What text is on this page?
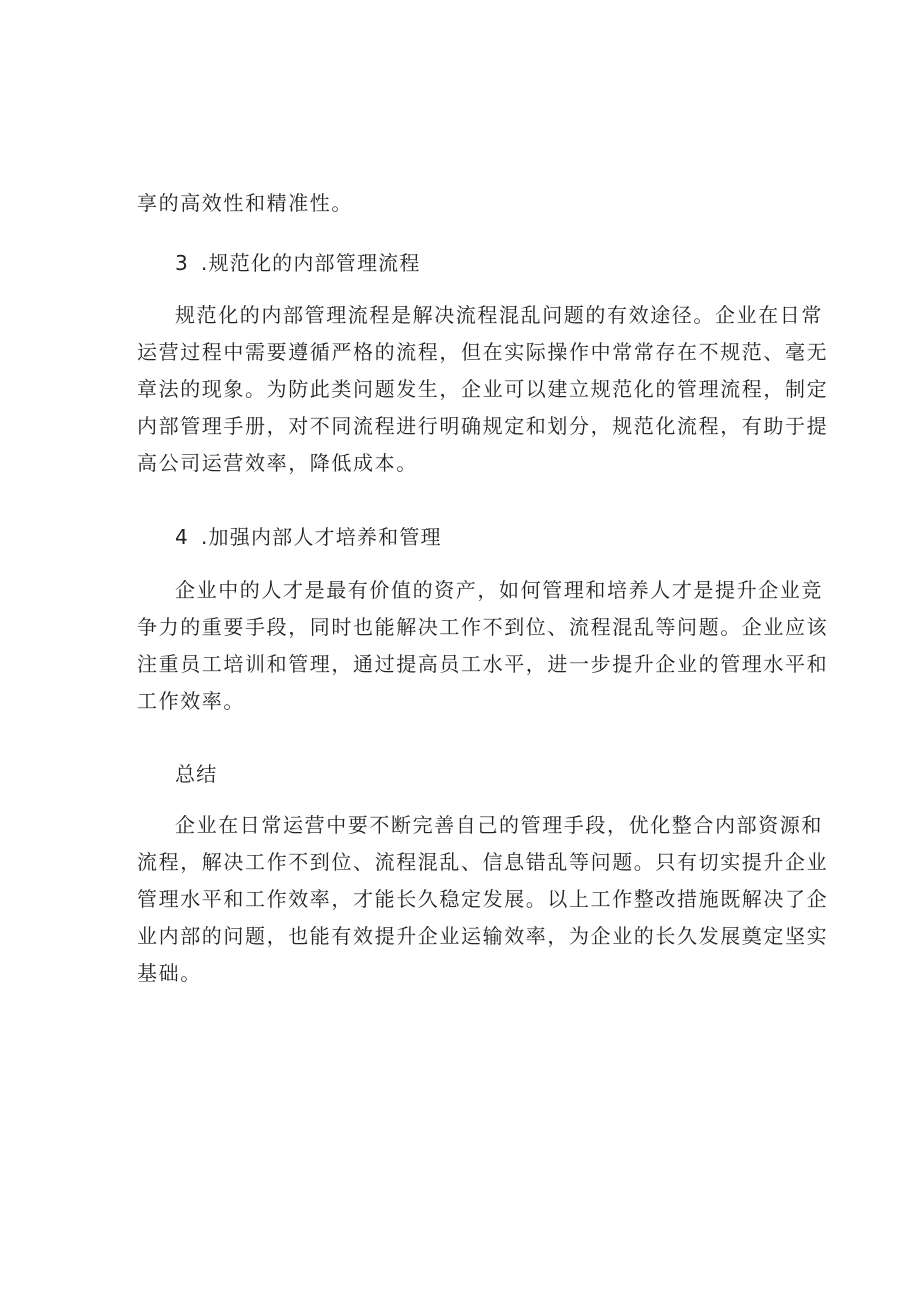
享的高效性和精准性。
3 .规范化的内部管理流程
规范化的内部管理流程是解决流程混乱问题的有效途径。企业在日常
运营过程中需要遵循严格的流程，但在实际操作中常常存在不规范、毫无
章法的现象。为防此类问题发生，企业可以建立规范化的管理流程，制定
内部管理手册，对不同流程进行明确规定和划分，规范化流程，有助于提
高公司运营效率，降低成本。
4 .加强内部人才培养和管理
企业中的人才是最有价值的资产，如何管理和培养人才是提升企业竞
争力的重要手段，同时也能解决工作不到位、流程混乱等问题。企业应该
注重员工培训和管理，通过提高员工水平，进一步提升企业的管理水平和
工作效率。
总结
企业在日常运营中要不断完善自己的管理手段，优化整合内部资源和
流程，解决工作不到位、流程混乱、信息错乱等问题。只有切实提升企业
管理水平和工作效率，才能长久稳定发展。以上工作整改措施既解决了企
业内部的问题，也能有效提升企业运输效率，为企业的长久发展奠定坚实
基础。
